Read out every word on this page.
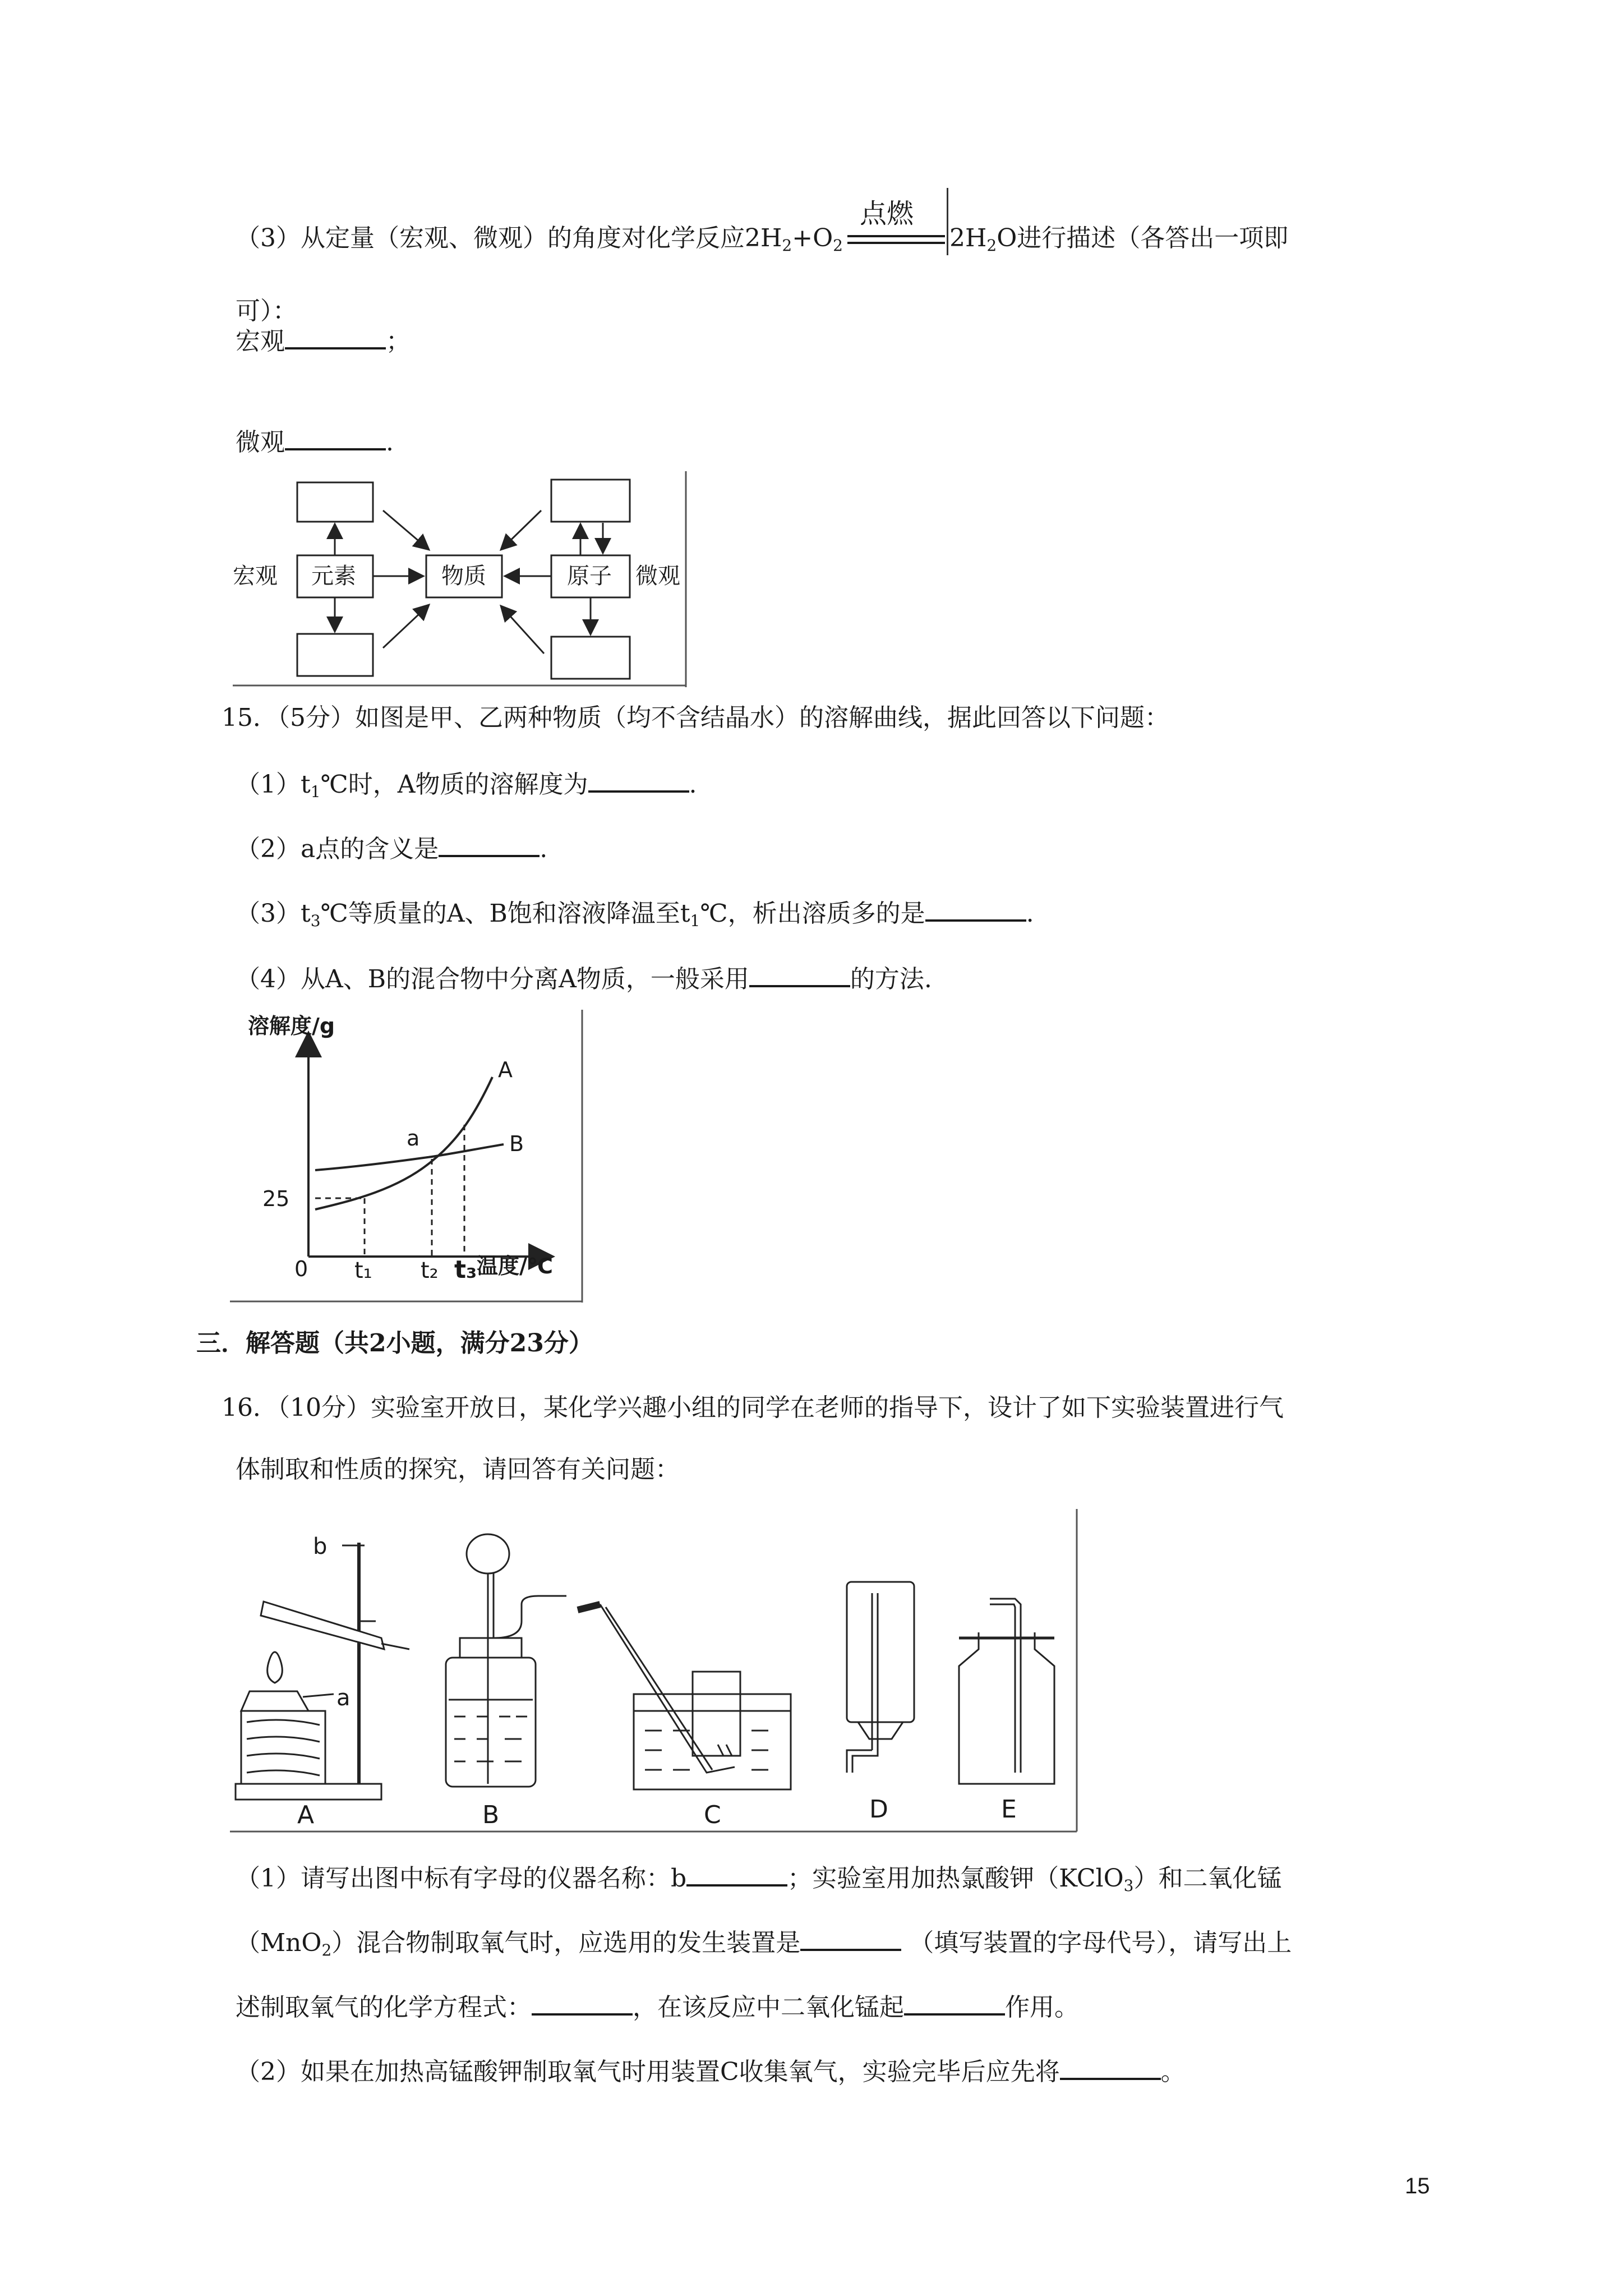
（3）从定量（宏观、微观）的角度对化学反应$2H_2+O_2$
点燃
$2H_2O$进行描述（各答出一项即
可）：
宏观	；
微观	.
宏观 元素	物质	原子 微观
15．（5分）如图是甲、乙两种物质（均不含结晶水）的溶解曲线，据此回答以下问题：
$(1)t_1℃$时，A物质的溶解度为	.
（2）a点的含义是	.
$(3)t_3℃$等质量的A、B饱和溶液降温至$t_1℃$，析出溶质多的是	.
（4）从A、B的混合物中分离A物质，一般采用	的方法.
溶解度/g
温度/℃
25
0 t₁ t₂ t₃
A
B
a
三．解答题（共2小题，满分23分）
16．（10分）实验室开放日，某化学兴趣小组的同学在老师的指导下，设计了如下实验装置进行气
体制取和性质的探究，请回答有关问题：
A	B	C	D	E
b
a
（1）请写出图中标有字母的仪器名称：b	；实验室用加热氯酸钾（KClO$_3$）和二氧化锰
（MnO$_2$）混合物制取氧气时，应选用的发生装置是	（填写装置的字母代号），请写出上
述制取氧气的化学方程式：	，在该反应中二氧化锰起	作用。
（2）如果在加热高锰酸钾制取氧气时用装置C收集氧气，实验完毕后应先将	。
15
